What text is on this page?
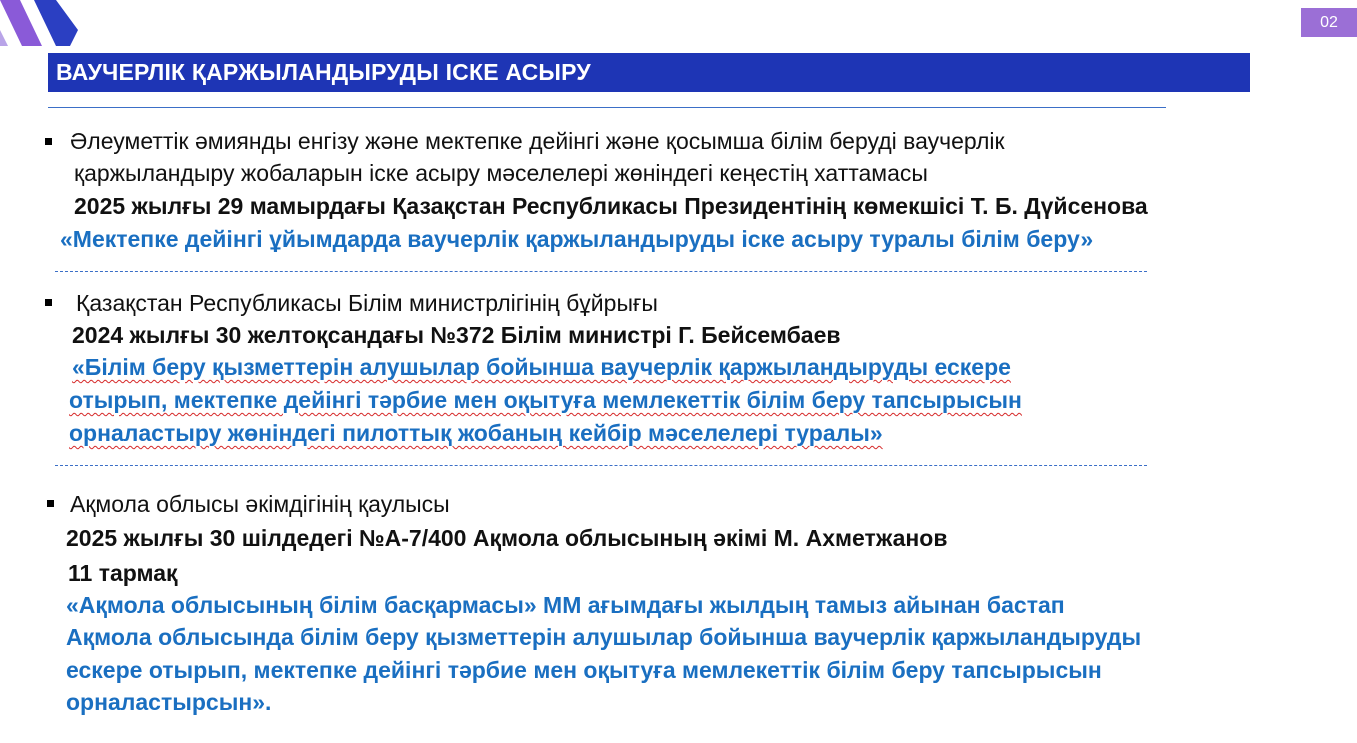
02
ВАУЧЕРЛІК ҚАРЖЫЛАНДЫРУДЫ ІСКЕ АСЫРУ
Әлеуметтік әмиянды енгізу және мектепке дейінгі және қосымша білім беруді ваучерлік
қаржыландыру жобаларын іске асыру мәселелері жөніндегі кеңестің хаттамасы
2025 жылғы 29 мамырдағы Қазақстан Республикасы Президентінің көмекшісі Т. Б. Дүйсенова
«Мектепке дейінгі ұйымдарда ваучерлік қаржыландыруды іске асыру туралы білім беру»
Қазақстан Республикасы Білім министрлігінің бұйрығы
2024 жылғы 30 желтоқсандағы №372 Білім министрі Г. Бейсембаев
«Білім беру қызметтерін алушылар бойынша ваучерлік қаржыландыруды ескере
отырып, мектепке дейінгі тәрбие мен оқытуға мемлекеттік білім беру тапсырысын
орналастыру жөніндегі пилоттық жобаның кейбір мәселелері туралы»
Ақмола облысы әкімдігінің қаулысы
2025 жылғы 30 шілдедегі №А-7/400 Ақмола облысының әкімі М. Ахметжанов
11 тармақ
«Ақмола облысының білім басқармасы» ММ ағымдағы жылдың тамыз айынан бастап
Ақмола облысында білім беру қызметтерін алушылар бойынша ваучерлік қаржыландыруды
ескере отырып, мектепке дейінгі тәрбие мен оқытуға мемлекеттік білім беру тапсырысын
орналастырсын».
